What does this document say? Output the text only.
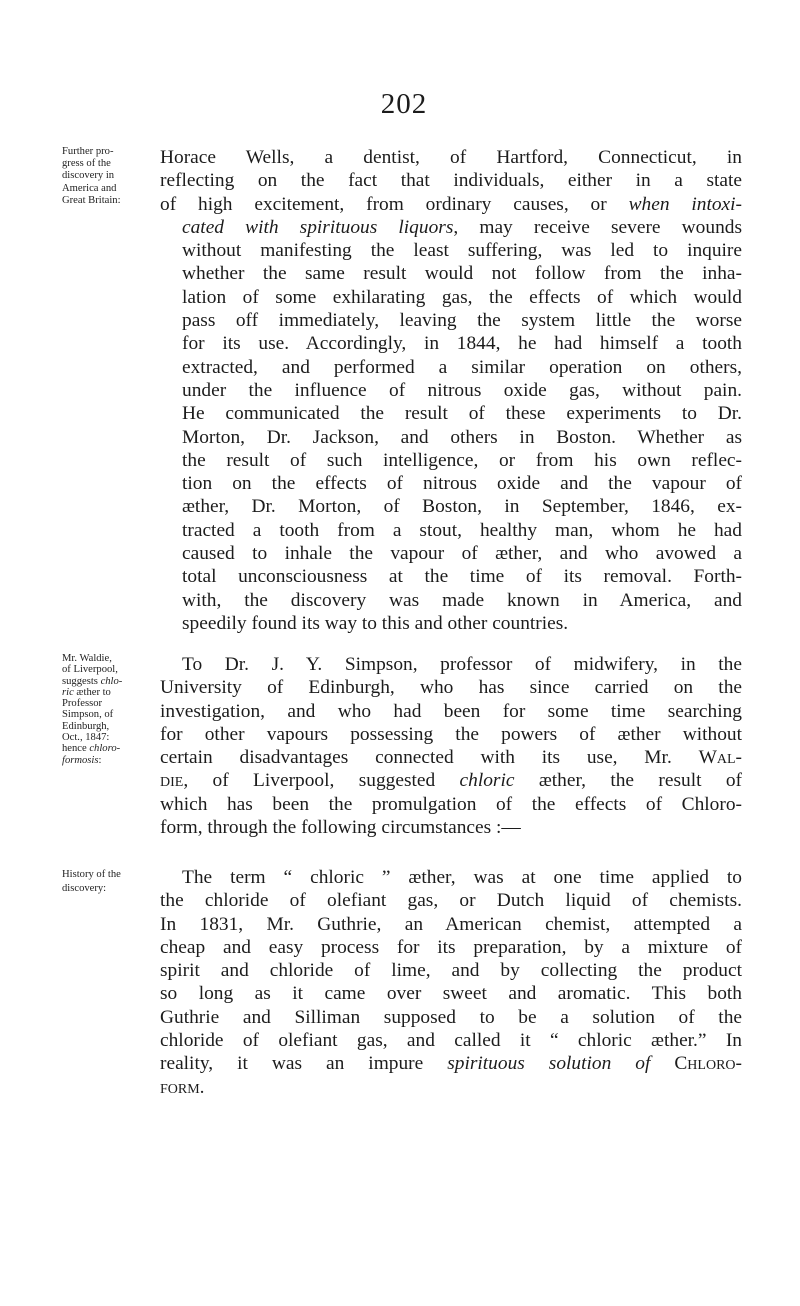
202
Further pro-
gress of the
discovery in
America and
Great Britain:
Horace Wells, a dentist, of Hartford, Connecticut, in
reflecting on the fact that individuals, either in a state
of high excitement, from ordinary causes, or when intoxi-
cated with spirituous liquors, may receive severe wounds
without manifesting the least suffering, was led to inquire
whether the same result would not follow from the inha-
lation of some exhilarating gas, the effects of which would
pass off immediately, leaving the system little the worse
for its use. Accordingly, in 1844, he had himself a tooth
extracted, and performed a similar operation on others,
under the influence of nitrous oxide gas, without pain.
He communicated the result of these experiments to Dr.
Morton, Dr. Jackson, and others in Boston. Whether as
the result of such intelligence, or from his own reflec-
tion on the effects of nitrous oxide and the vapour of
æther, Dr. Morton, of Boston, in September, 1846, ex-
tracted a tooth from a stout, healthy man, whom he had
caused to inhale the vapour of æther, and who avowed a
total unconsciousness at the time of its removal. Forth-
with, the discovery was made known in America, and
speedily found its way to this and other countries.
Mr. Waldie,
of Liverpool,
suggests chlo-
ric æther to
Professor
Simpson, of
Edinburgh,
Oct., 1847:
hence chloro-
formosis:
To Dr. J. Y. Simpson, professor of midwifery, in the
University of Edinburgh, who has since carried on the
investigation, and who had been for some time searching
for other vapours possessing the powers of æther without
certain disadvantages connected with its use, Mr. Wal-
die, of Liverpool, suggested chloric æther, the result of
which has been the promulgation of the effects of Chloro-
form, through the following circumstances :—
History of the
discovery:
The term “ chloric ” æther, was at one time applied to
the chloride of olefiant gas, or Dutch liquid of chemists.
In 1831, Mr. Guthrie, an American chemist, attempted a
cheap and easy process for its preparation, by a mixture of
spirit and chloride of lime, and by collecting the product
so long as it came over sweet and aromatic. This both
Guthrie and Silliman supposed to be a solution of the
chloride of olefiant gas, and called it “ chloric æther.” In
reality, it was an impure spirituous solution of Chloro-
form.
